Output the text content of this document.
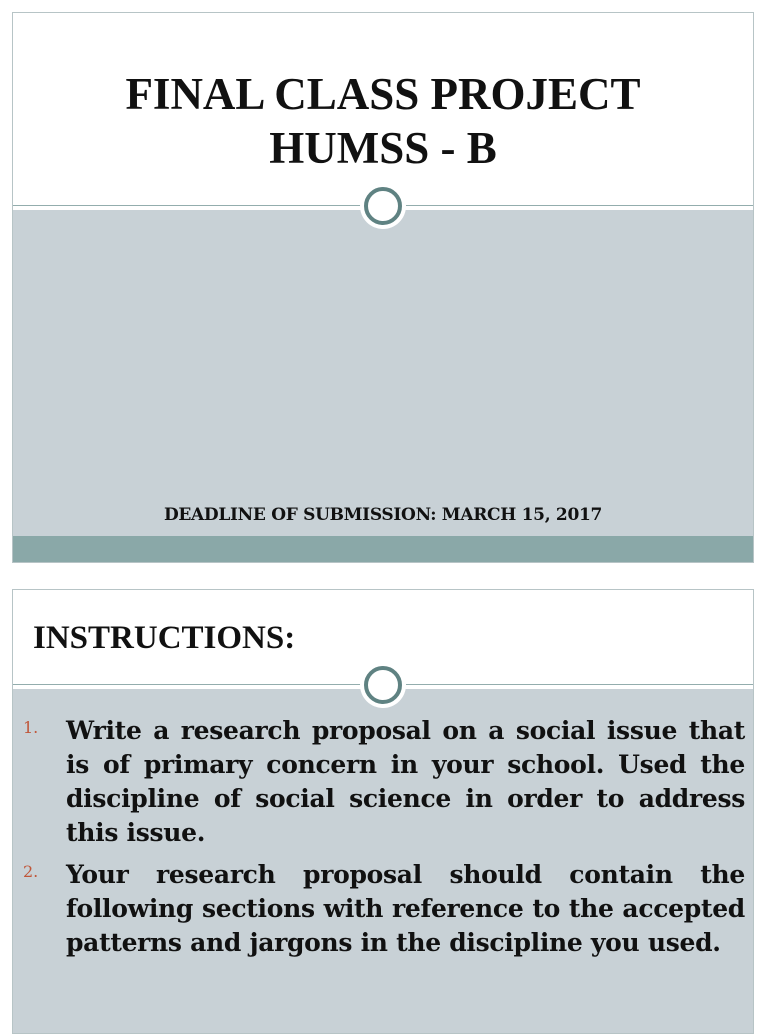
FINAL CLASS PROJECT
HUMSS - B

DEADLINE OF SUBMISSION: MARCH 15, 2017

INSTRUCTIONS:
1. Write a research proposal on a social issue that is of primary concern in your school. Used the discipline of social science in order to address this issue.
2. Your research proposal should contain the following sections with reference to the accepted patterns and jargons in the discipline you used.
